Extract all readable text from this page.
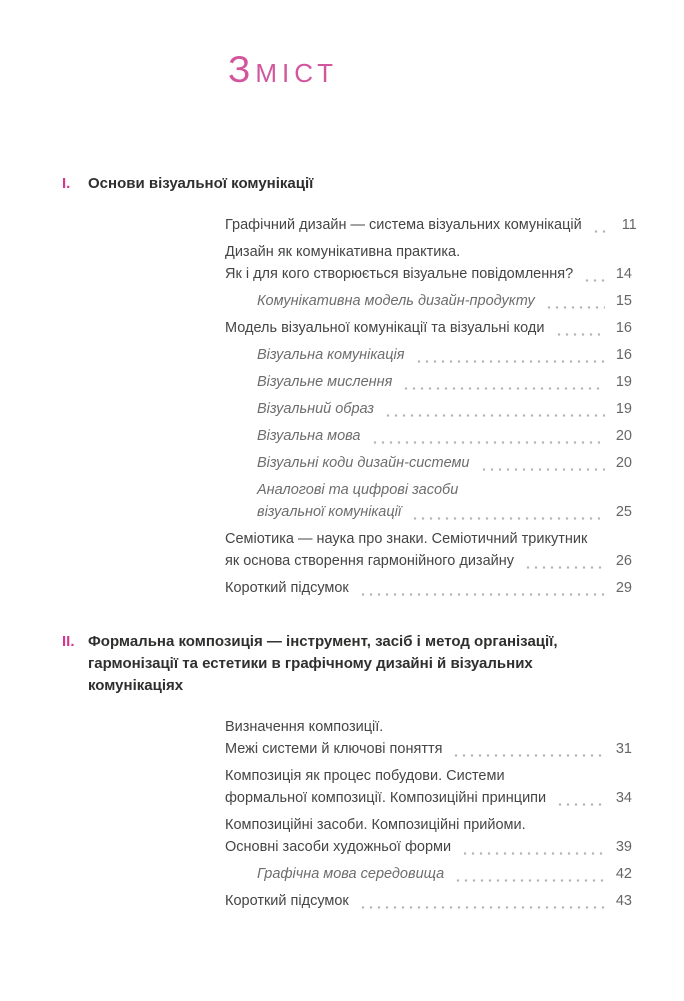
ЗМІСТ
I.	Основи візуальної комунікації
Графічний дизайн — система візуальних комунікацій	11
Дизайн як комунікативна практика.
Як і для кого створюється візуальне повідомлення?	14
Комунікативна модель дизайн-продукту	15
Модель візуальної комунікації та візуальні коди	16
Візуальна комунікація	16
Візуальне мислення	19
Візуальний образ	19
Візуальна мова	20
Візуальні коди дизайн-системи	20
Аналогові та цифрові засоби
візуальної комунікації	25
Семіотика — наука про знаки. Семіотичний трикутник
як основа створення гармонійного дизайну	26
Короткий підсумок	29
II. Формальна композиція — інструмент, засіб і метод організації,
гармонізації та естетики в графічному дизайні й візуальних комунікаціях
Визначення композиції.
Межі системи й ключові поняття	31
Композиція як процес побудови. Системи
формальної композиції. Композиційні принципи	34
Композиційні засоби. Композиційні прийоми.
Основні засоби художньої форми	39
Графічна мова середовища	42
Короткий підсумок	43
